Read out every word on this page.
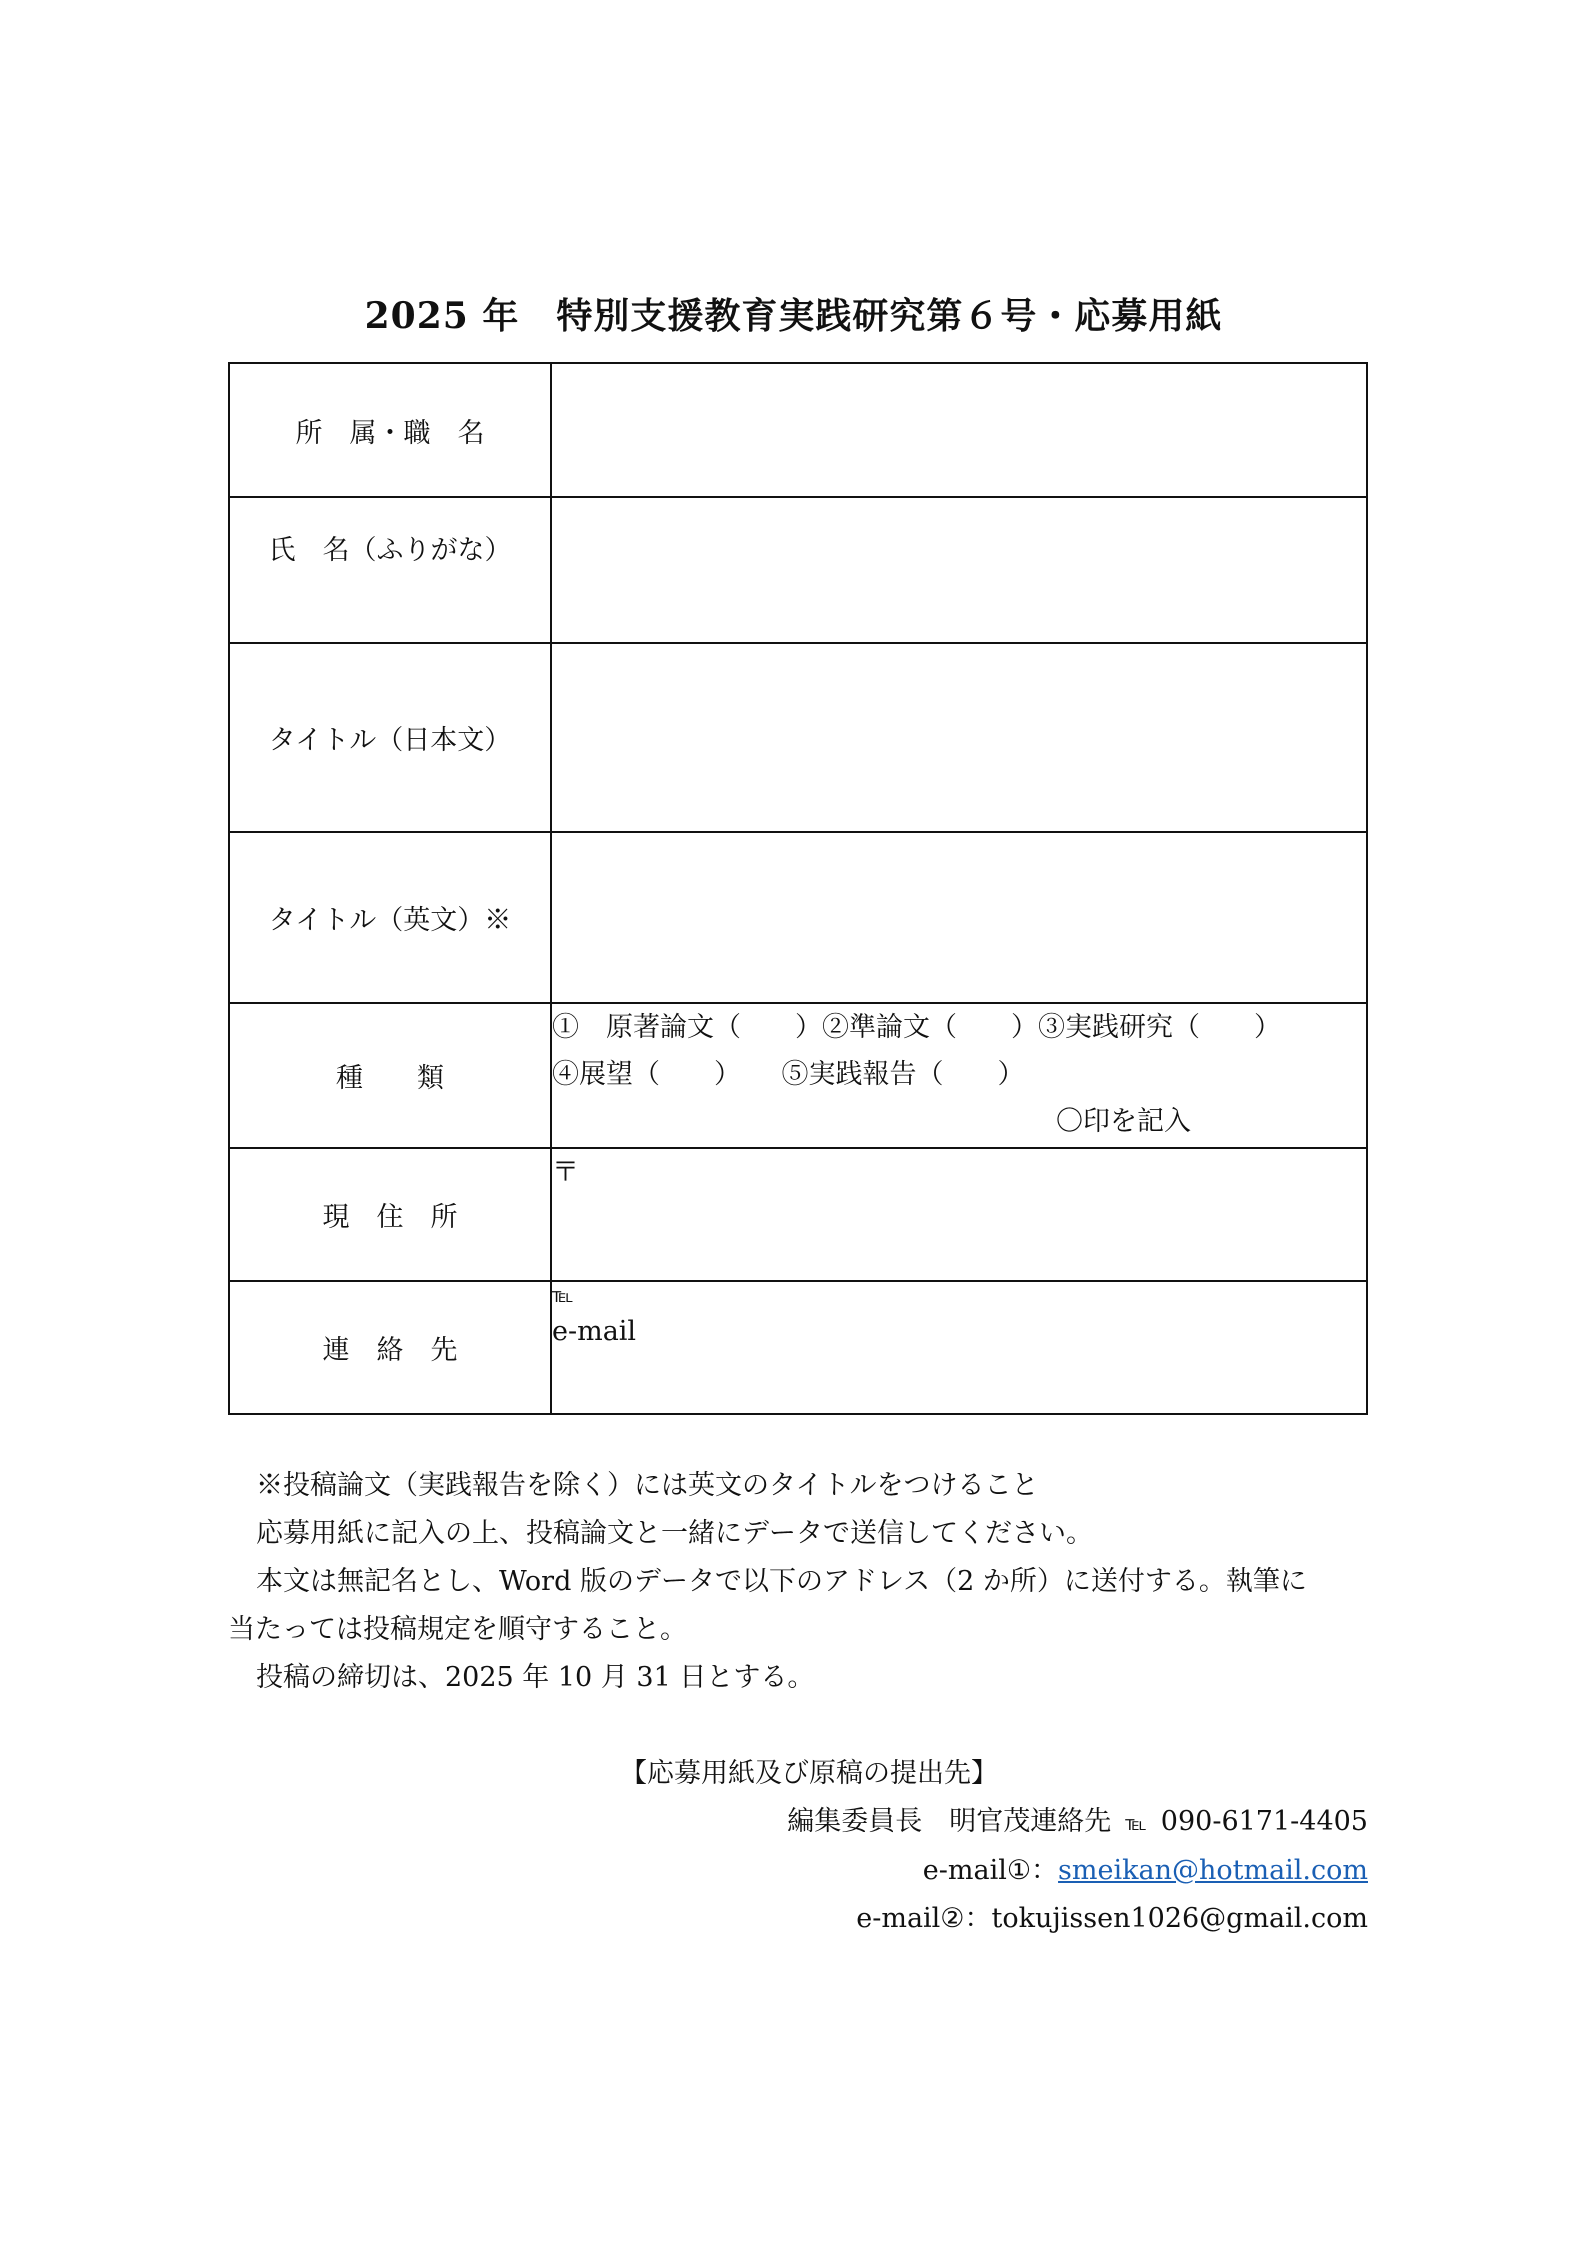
2025 年　特別支援教育実践研究第６号・応募用紙
所　属・職　名	
氏　名（ふりがな）	
タイトル（日本文）	
タイトル（英文）※	
種　　類	①　原著論文（　　）②準論文（　　）③実践研究（　　）
④展望（　　）　　⑤実践報告（　　）
〇印を記入

現　住　所	〒
連　絡　先	℡
e-mail

※投稿論文（実践報告を除く）には英文のタイトルをつけること

応募用紙に記入の上、投稿論文と一緒にデータで送信してください。

本文は無記名とし、Word 版のデータで以下のアドレス（2 か所）に送付する。執筆に

当たっては投稿規定を順守すること。

投稿の締切は、2025 年 10 月 31 日とする。

【応募用紙及び原稿の提出先】
編集委員長　明官茂連絡先 ℡ 090-6171-4405
e-mail①：smeikan@hotmail.com
e-mail②：tokujissen1026@gmail.com
